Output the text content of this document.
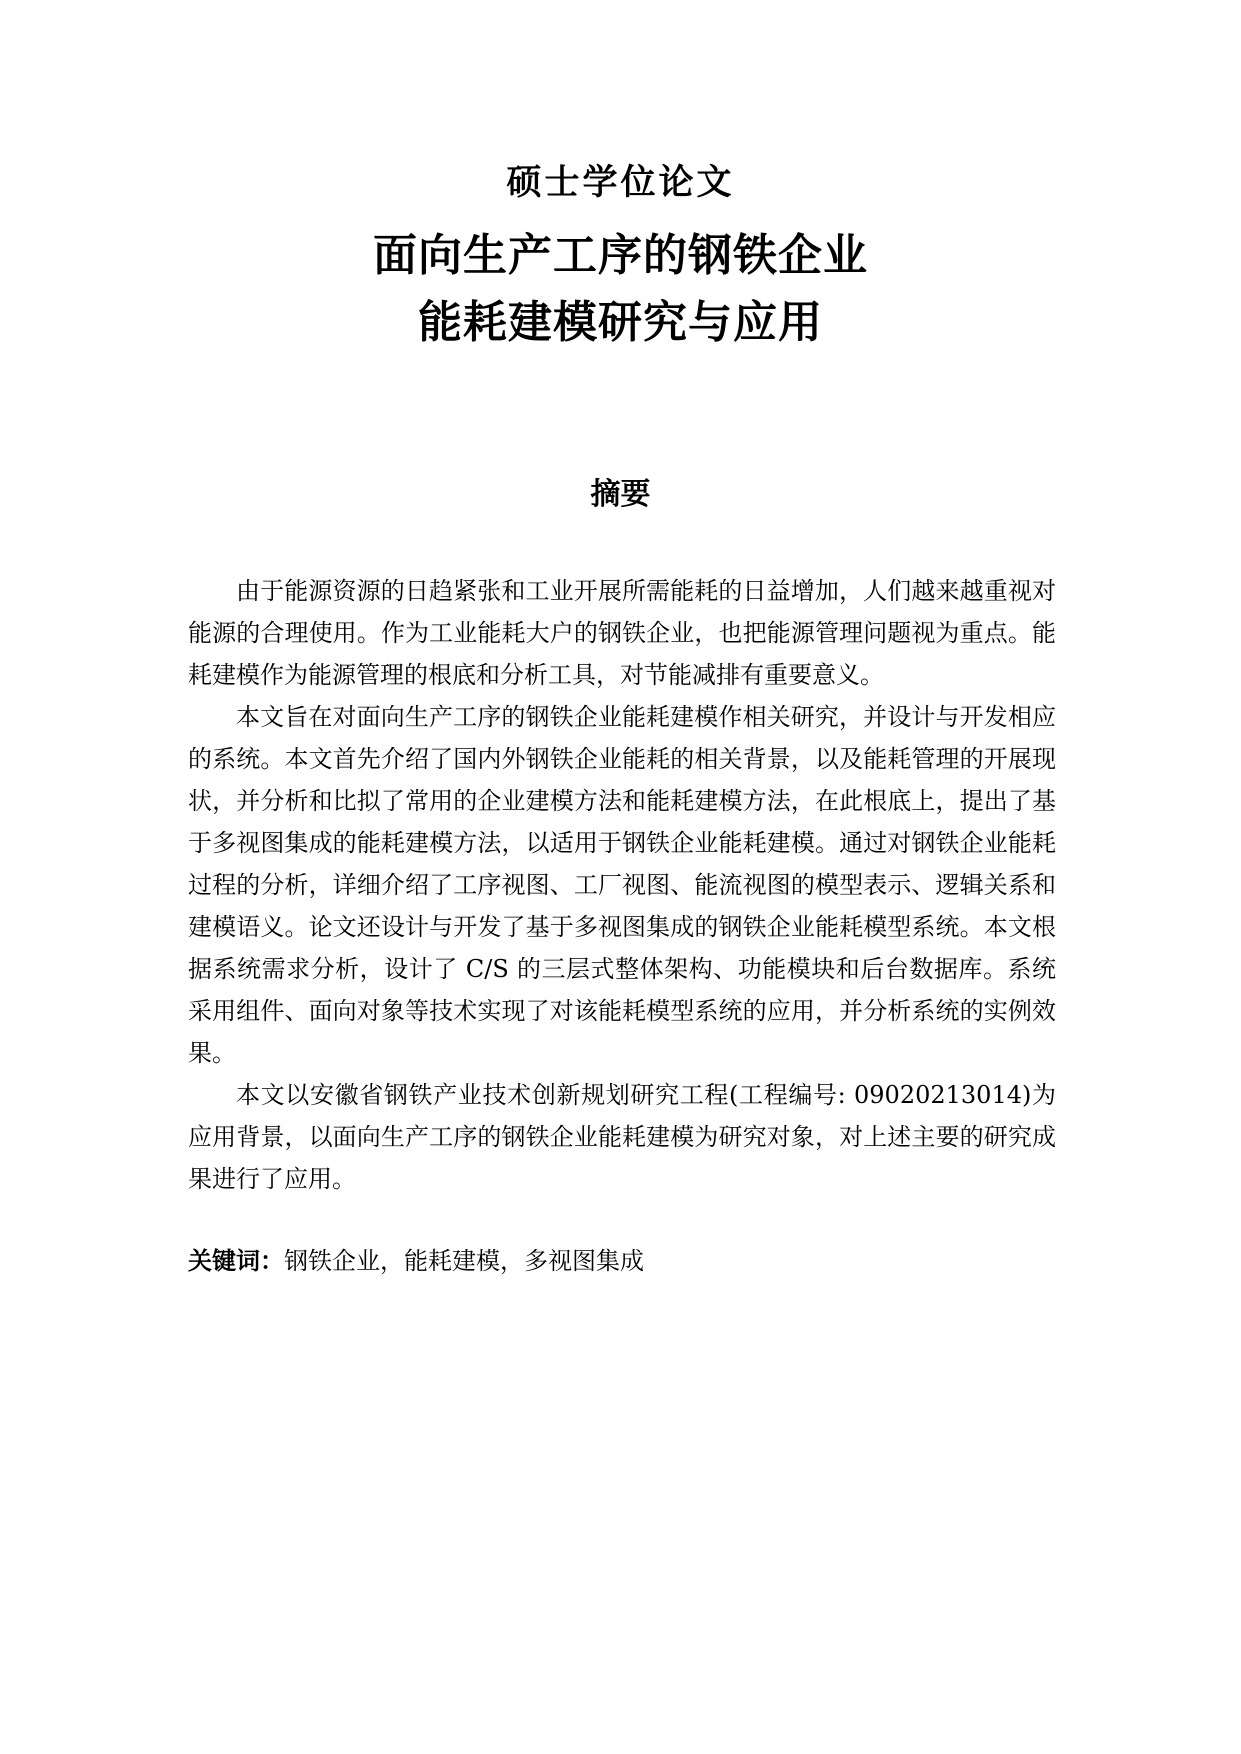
硕士学位论文
面向生产工序的钢铁企业
能耗建模研究与应用
摘要

由于能源资源的日趋紧张和工业开展所需能耗的日益增加，人们越来越重视对能源的合理使用。作为工业能耗大户的钢铁企业，也把能源管理问题视为重点。能耗建模作为能源管理的根底和分析工具，对节能减排有重要意义。

本文旨在对面向生产工序的钢铁企业能耗建模作相关研究，并设计与开发相应的系统。本文首先介绍了国内外钢铁企业能耗的相关背景，以及能耗管理的开展现状，并分析和比拟了常用的企业建模方法和能耗建模方法，在此根底上，提出了基于多视图集成的能耗建模方法，以适用于钢铁企业能耗建模。通过对钢铁企业能耗过程的分析，详细介绍了工序视图、工厂视图、能流视图的模型表示、逻辑关系和建模语义。论文还设计与开发了基于多视图集成的钢铁企业能耗模型系统。本文根据系统需求分析，设计了 C/S 的三层式整体架构、功能模块和后台数据库。系统采用组件、面向对象等技术实现了对该能耗模型系统的应用，并分析系统的实例效果。

本文以安徽省钢铁产业技术创新规划研究工程(工程编号: 09020213014)为应用背景，以面向生产工序的钢铁企业能耗建模为研究对象，对上述主要的研究成果进行了应用。

关键词：钢铁企业，能耗建模，多视图集成
